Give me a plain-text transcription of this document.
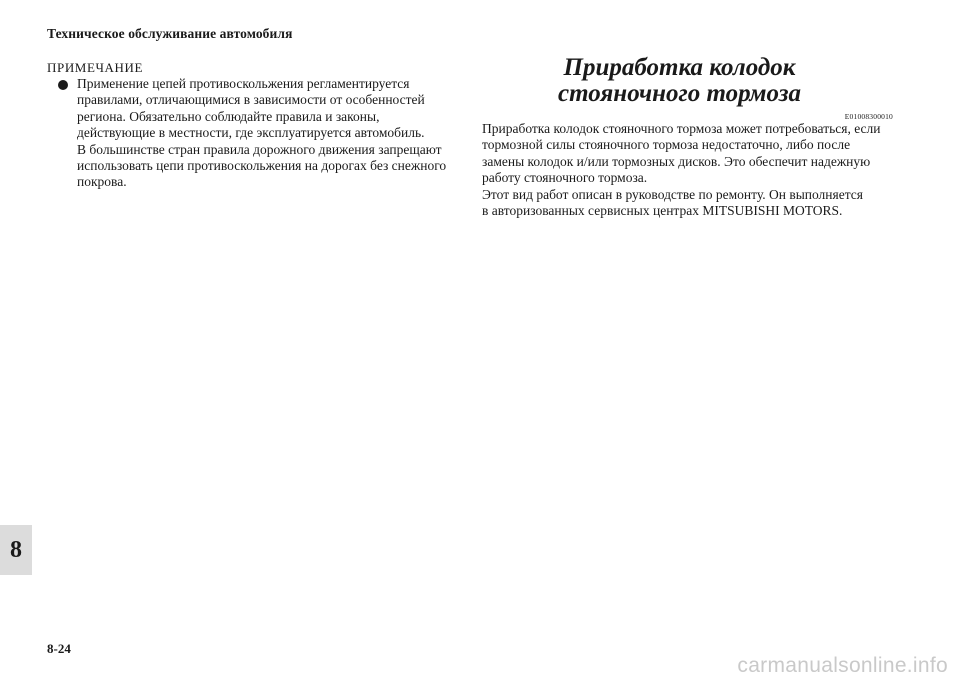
Техническое обслуживание автомобиля
ПРИМЕЧАНИЕ
Применение цепей противоскольжения регламентируется
правилами, отличающимися в зависимости от особенностей
региона. Обязательно соблюдайте правила и законы,
действующие в местности, где эксплуатируется автомобиль.
В большинстве стран правила дорожного движения запрещают
использовать цепи противоскольжения на дорогах без снежного
покрова.
Приработка колодок
стояночного тормоза
E01008300010
Приработка колодок стояночного тормоза может потребоваться, если
тормозной силы стояночного тормоза недостаточно, либо после
замены колодок и/или тормозных дисков. Это обеспечит надежную
работу стояночного тормоза.
Этот вид работ описан в руководстве по ремонту. Он выполняется
в авторизованных сервисных центрах MITSUBISHI MOTORS.
8
8-24
carmanualsonline.info
